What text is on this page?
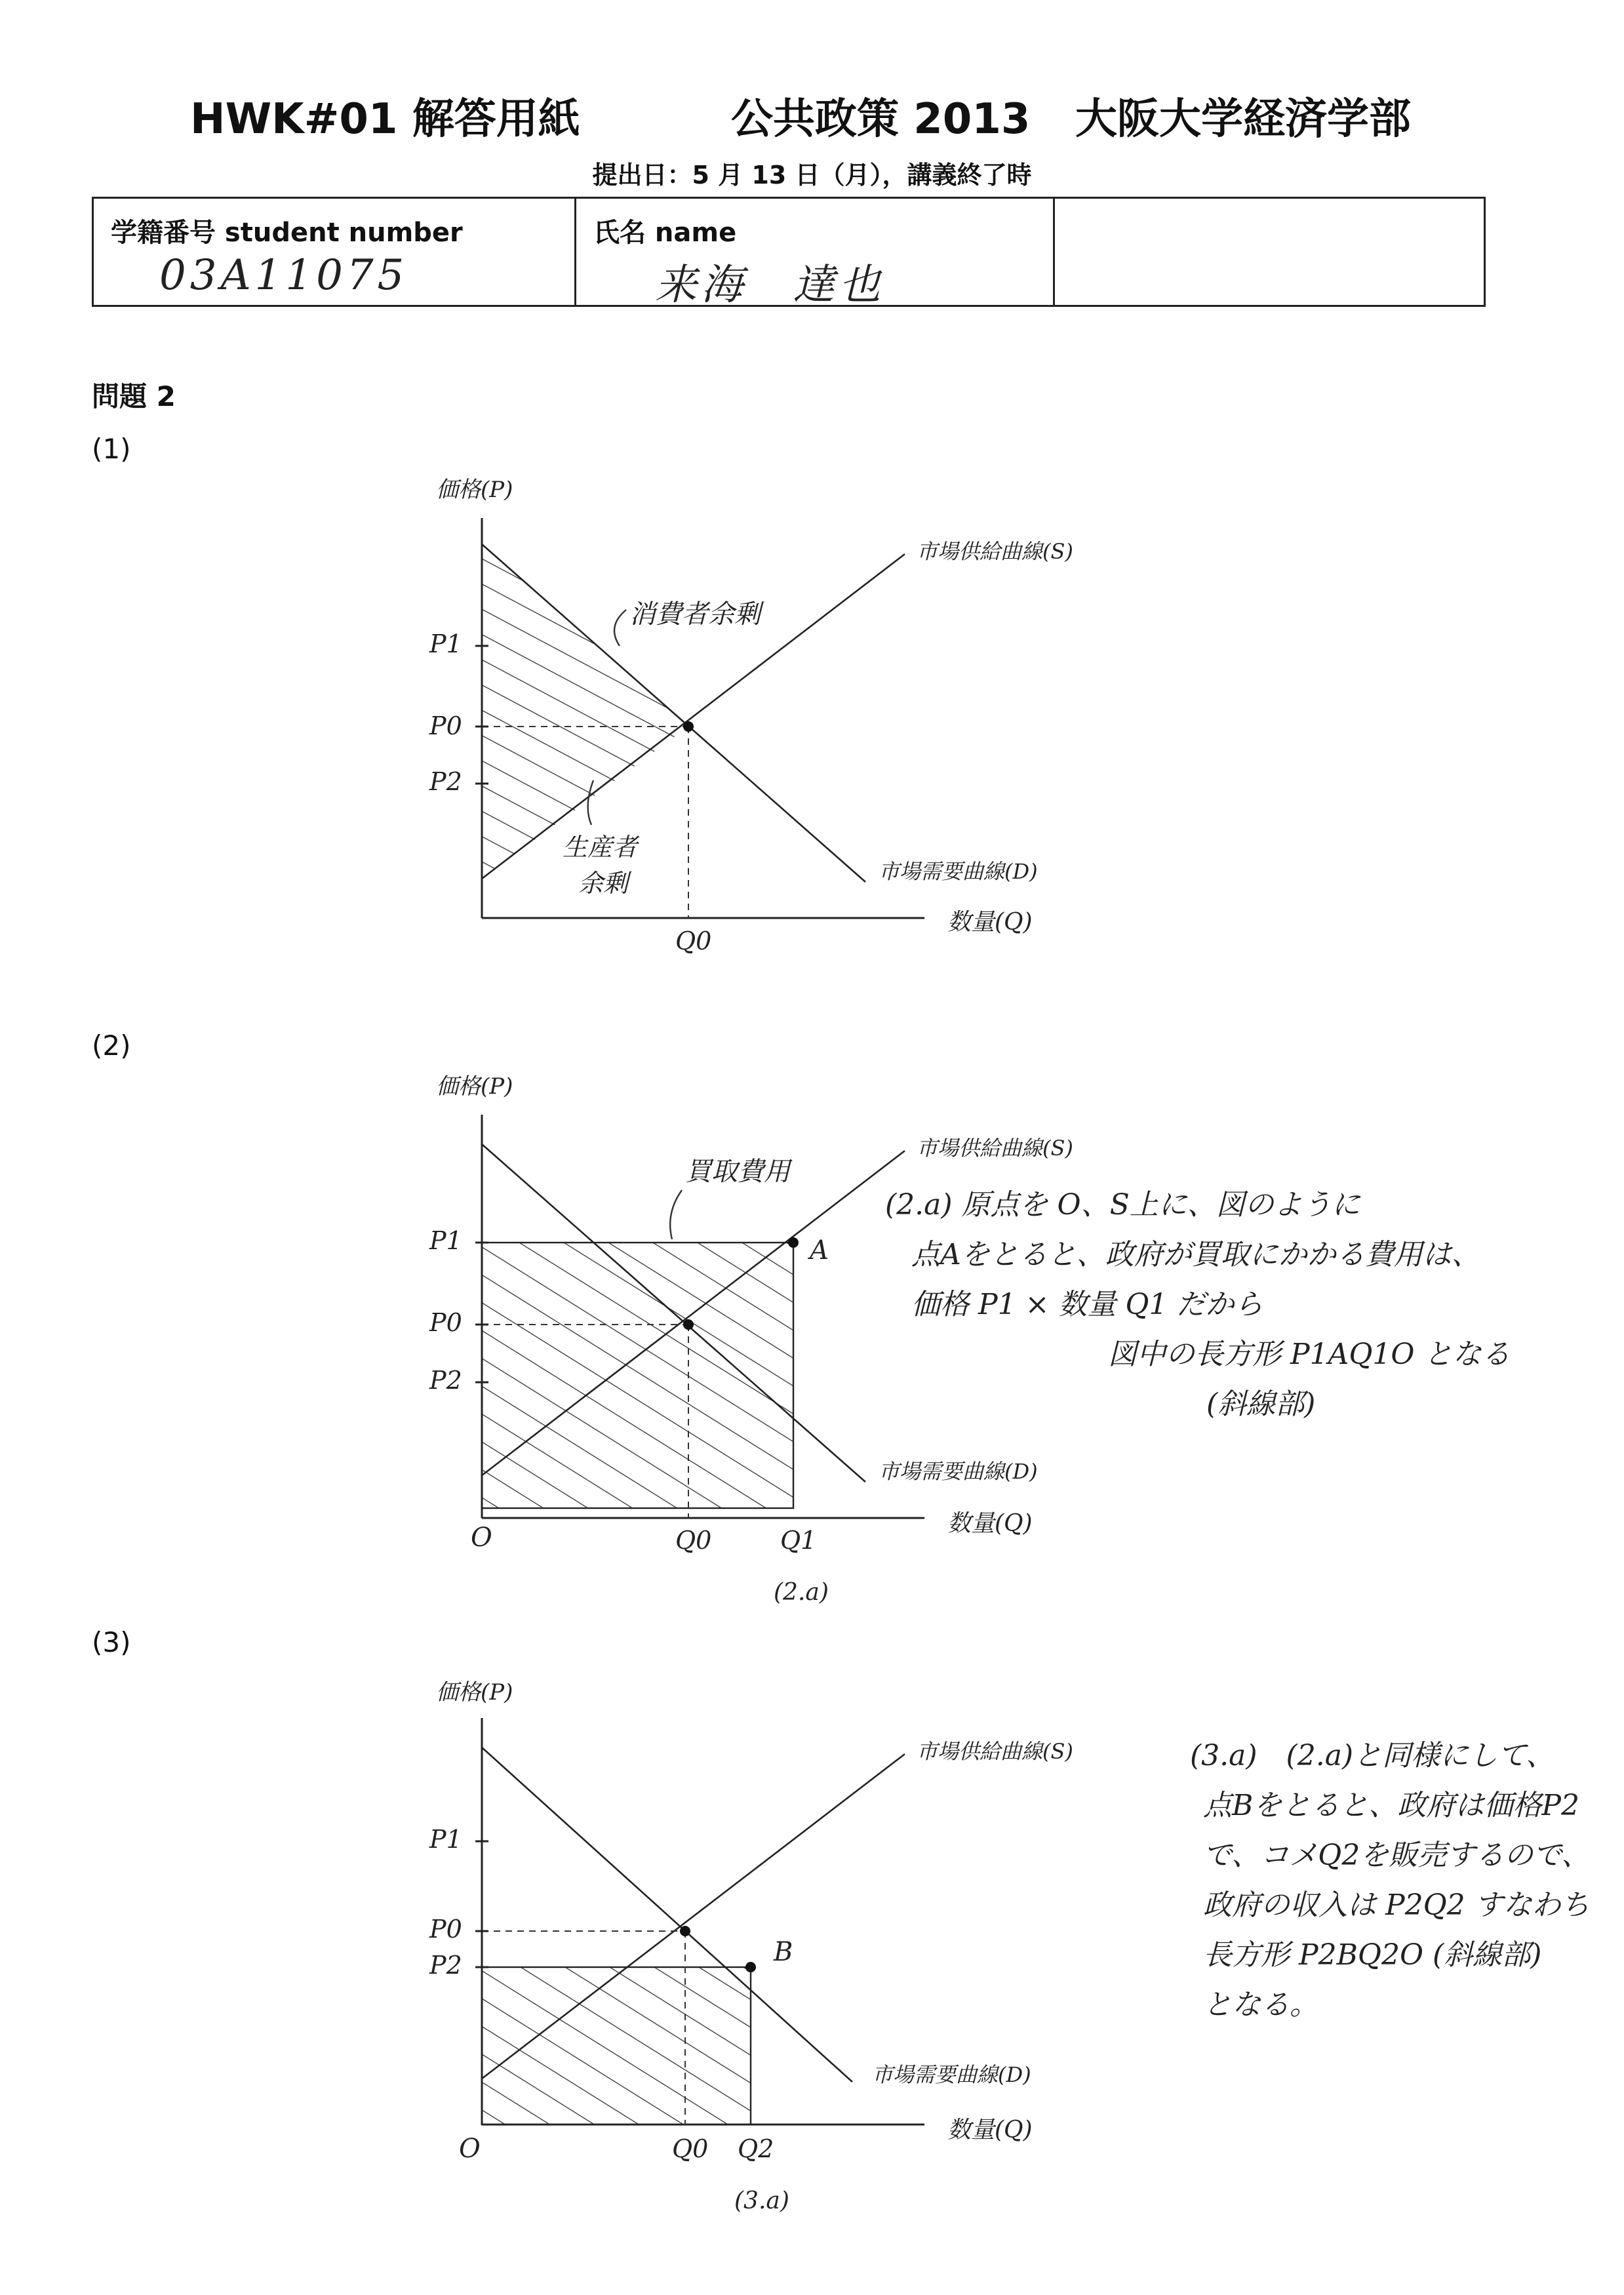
HWK#01 解答用紙	公共政策 2013 大阪大学経済学部
提出日：5 月 13 日（月），講義終了時
学籍番号 student number
03A11075
氏名 name
来海　達也
問題 2
(1)
価格(P)
数量(Q)
市場供給曲線(S)
市場需要曲線(D)
P1
P0
P2
Q0
消費者余剰
生産者
余剰
(2)
価格(P)
数量(Q)
市場供給曲線(S)
市場需要曲線(D)
P1
P0
P2
O	Q0	Q1
A
買取費用
(2.a)
(2.a) 原点を O、S上に、図のように
点Aをとると、政府が買取にかかる費用は、
価格 P1 × 数量 Q1 だから
図中の長方形 P1AQ1O となる
(斜線部)
(3)
価格(P)
数量(Q)
市場供給曲線(S)
市場需要曲線(D)
P1
P0
P2
O	Q0 Q2
B
(3.a)
(3.a)　(2.a)と同様にして、
点Bをとると、政府は価格P2
で、コメQ2を販売するので、
政府の収入は P2Q2 すなわち
長方形 P2BQ2O (斜線部)
となる。
